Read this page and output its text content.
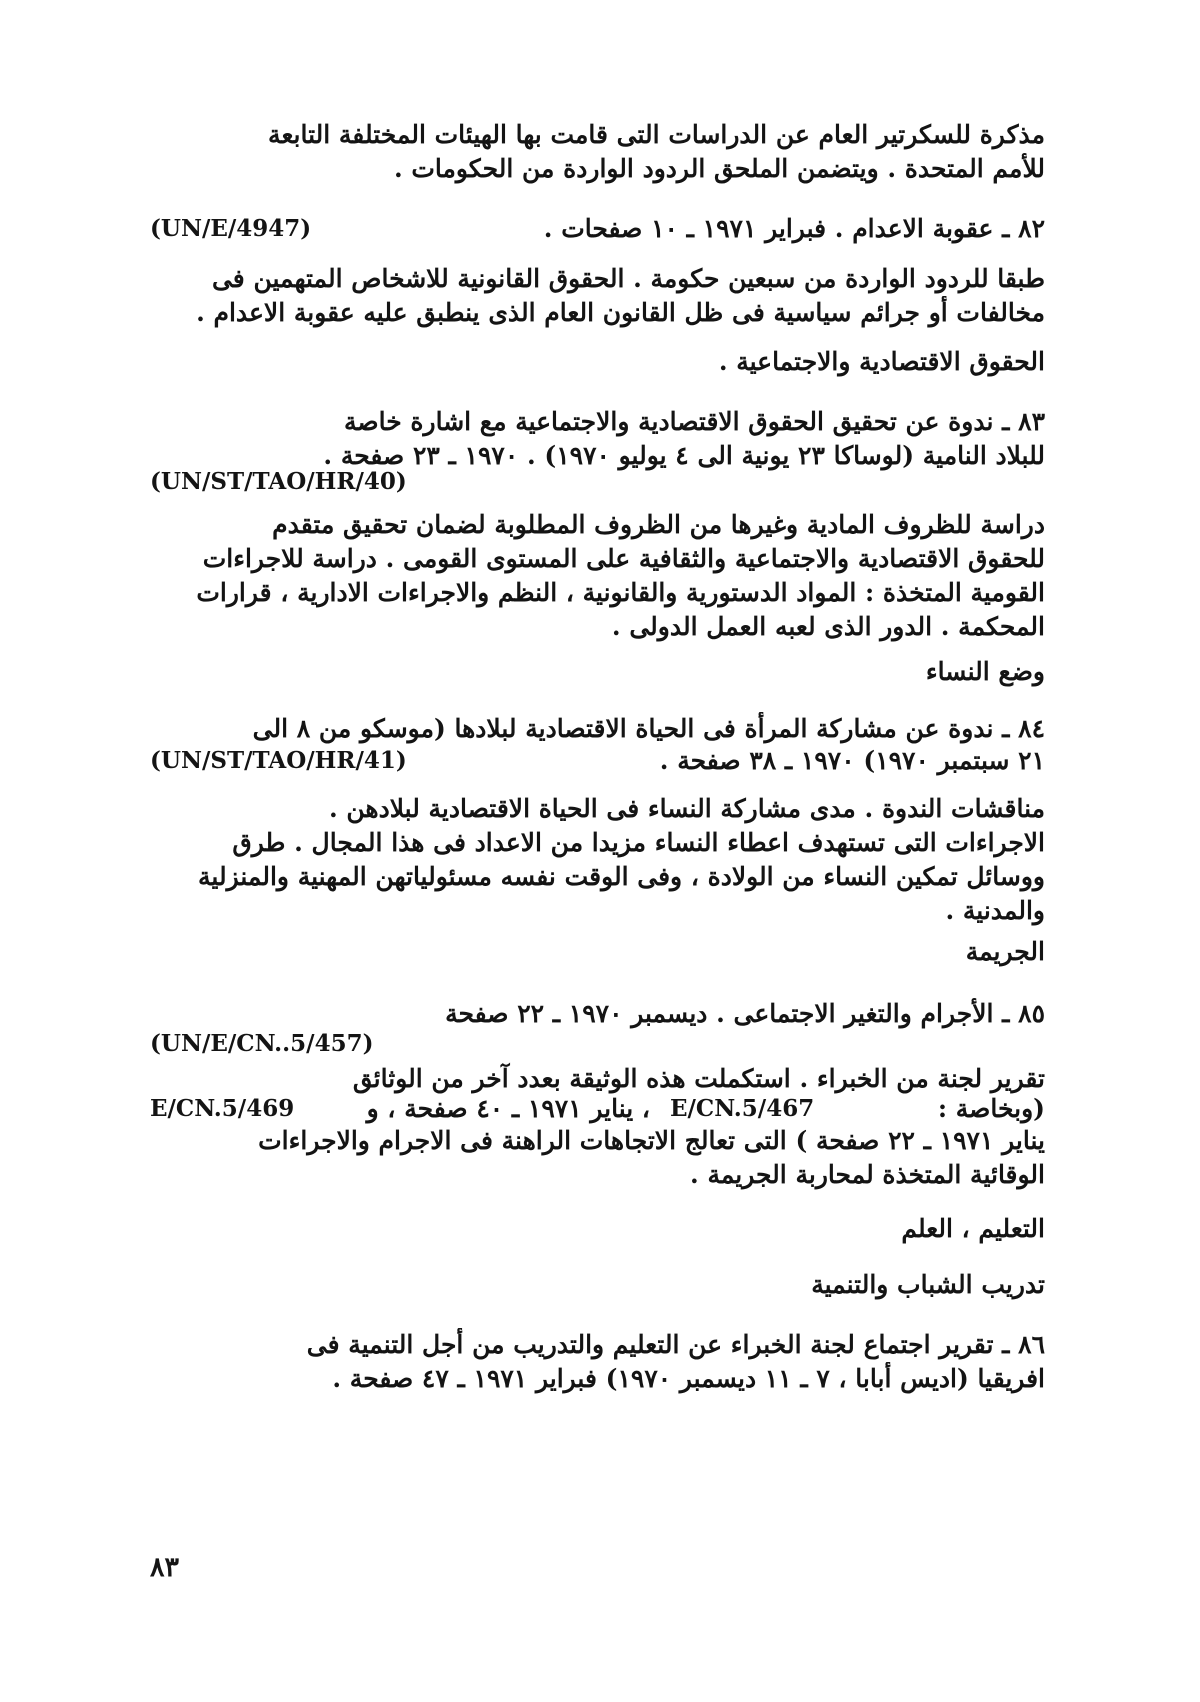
مذكرة للسكرتير العام عن الدراسات التى قامت بها الهيئات المختلفة التابعة
للأمم المتحدة . ويتضمن الملحق الردود الواردة من الحكومات .
٨٢ ـ عقوبة الاعدام . فبراير ١٩٧١ ـ ١٠ صفحات .
(UN/E/4947)
طبقا للردود الواردة من سبعين حكومة . الحقوق القانونية للاشخاص المتهمين فى
مخالفات أو جرائم سياسية فى ظل القانون العام الذى ينطبق عليه عقوبة الاعدام .
الحقوق الاقتصادية والاجتماعية .
٨٣ ـ ندوة عن تحقيق الحقوق الاقتصادية والاجتماعية مع اشارة خاصة
للبلاد النامية (لوساكا ٢٣ يونية الى ٤ يوليو ١٩٧٠) . ١٩٧٠ ـ ٢٣ صفحة .
(UN/ST/TAO/HR/40)
دراسة للظروف المادية وغيرها من الظروف المطلوبة لضمان تحقيق متقدم
للحقوق الاقتصادية والاجتماعية والثقافية على المستوى القومى . دراسة للاجراءات
القومية المتخذة : المواد الدستورية والقانونية ، النظم والاجراءات الادارية ، قرارات
المحكمة . الدور الذى لعبه العمل الدولى .
وضع النساء
٨٤ ـ ندوة عن مشاركة المرأة فى الحياة الاقتصادية لبلادها (موسكو من ٨ الى
٢١ سبتمبر ١٩٧٠) ١٩٧٠ ـ ٣٨ صفحة .
(UN/ST/TAO/HR/41)
مناقشات الندوة . مدى مشاركة النساء فى الحياة الاقتصادية لبلادهن .
الاجراءات التى تستهدف اعطاء النساء مزيدا من الاعداد فى هذا المجال . طرق
ووسائل تمكين النساء من الولادة ، وفى الوقت نفسه مسئولياتهن المهنية والمنزلية
والمدنية .
الجريمة
٨٥ ـ الأجرام والتغير الاجتماعى . ديسمبر ١٩٧٠ ـ ٢٢ صفحة
(UN/E/CN..5/457)
تقرير لجنة من الخبراء . استكملت هذه الوثيقة بعدد آخر من الوثائق
(وبخاصة :
E/CN.5/467
، يناير ١٩٧١ ـ ٤٠ صفحة ، و
E/CN.5/469
يناير ١٩٧١ ـ ٢٢ صفحة ) التى تعالج الاتجاهات الراهنة فى الاجرام والاجراءات
الوقائية المتخذة لمحاربة الجريمة .
التعليم ، العلم
تدريب الشباب والتنمية
٨٦ ـ تقرير اجتماع لجنة الخبراء عن التعليم والتدريب من أجل التنمية فى
افريقيا (اديس أبابا ، ٧ ـ ١١ ديسمبر ١٩٧٠) فبراير ١٩٧١ ـ ٤٧ صفحة .
٨٣
